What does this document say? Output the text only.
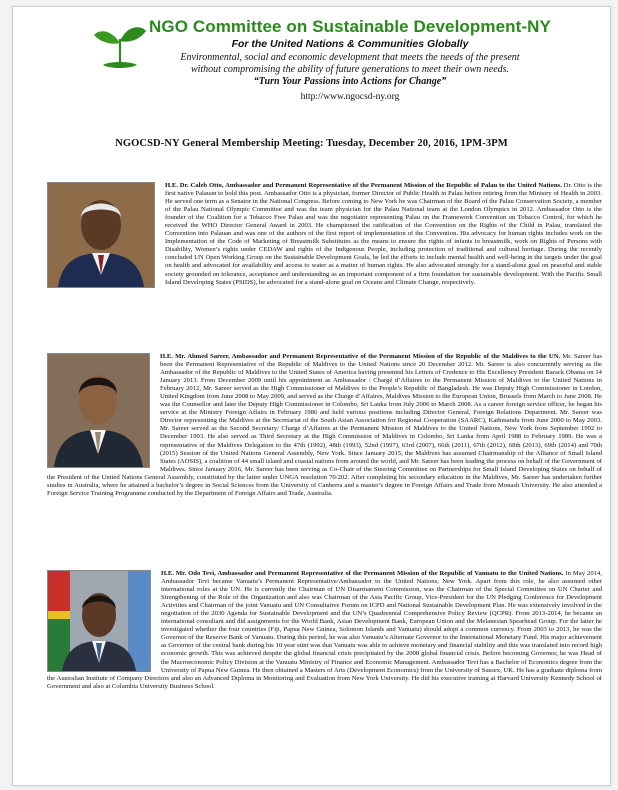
NGO Committee on Sustainable Development-NY
For the United Nations & Communities Globally
Environmental, social and economic development that meets the needs of the present
without compromising the ability of future generations to meet their own needs.
“Turn Your Passions into Actions for Change”
http://www.ngocsd-ny.org
NGOCSD-NY General Membership Meeting: Tuesday, December 20, 2016, 1PM-3PM

H.E. Dr. Caleb Otto, Ambassador and Permanent Representative of the Permanent Mission of the Republic of Palau to the United Nations. Dr. Otto is the first native Palauan to hold this post. Ambassador Otto is a physician, former Director of Public Health in Palau before retiring from the Ministry of Health in 2003. He served one term as a Senator in the National Congress. Before coming to New York he was Chairman of the Board of the Palau Conservation Society, a member of the Palau National Olympic Committee and was the team physician for the Palau National team at the London Olympics in 2012. Ambassador Otto is the founder of the Coalition for a Tobacco Free Palau and was the negotiator representing Palau on the Framework Convention on Tobacco Control, for which he received the WHO Director General Award in 2003. He championed the ratification of the Convention on the Rights of the Child in Palau, translated the Convention into Palauan and was one of the authors of the first report of implementation of the Convention. His advocacy for human rights includes work on the Implementation of the Code of Marketing of Breastmilk Substitutes as the means to ensure the rights of infants to breastmilk, work on Rights of Persons with Disability, Women’s rights under CEDAW and rights of the Indigenous People, including protection of traditional and cultural heritage. During the recently concluded UN Open Working Group on the Sustainable Development Goals, he led the efforts to include mental health and well-being in the targets under the goal on health and advocated for availability and access to water as a matter of human rights. He also advocated strongly for a stand-alone goal on peaceful and stable society grounded on tolerance, acceptance and understanding as an important component of a firm foundation for sustainable development. With the Pacific Small Island Developing States (PSIDS), he advocated for a stand-alone goal on Oceans and Climate Change, respectively.

H.E. Mr. Ahmed Sareer, Ambassador and Permanent Representative of the Permanent Mission of the Republic of the Maldives to the UN. Mr. Sareer has been the Permanent Representative of the Republic of Maldives to the United Nations since 20 December 2012. Mr. Sareer is also concurrently serving as the Ambassador of the Republic of Maldives to the United States of America having presented his Letters of Credence to His Excellency President Barack Obama on 14 January 2013. From December 2009 until his appointment as Ambassador / Chargé d’Affaires to the Permanent Mission of Maldives to the United Nations in February 2012, Mr. Sareer served as the High Commissioner of Maldives to the People’s Republic of Bangladesh. He was Deputy High Commissioner in London, United Kingdom from June 2008 to May 2009, and served as the Charge d’Affaires, Maldives Mission to the European Union, Brussels from March to June 2008. He was the Counsellor and later the Deputy High Commissioner in Colombo, Sri Lanka from July 2006 to March 2008. As a career foreign service officer, he began his service at the Ministry Foreign Affairs in February 1986 and held various positions including Director General, Foreign Relations Department. Mr. Sareer was Director representing the Maldives at the Secretariat of the South Asian Association for Regional Cooperation (SAARC), Kathmandu from June 2000 to May 2003. Mr. Sareer served as the Second Secretary/ Charge d’Affaires at the Permanent Mission of Maldives to the United Nations, New York from September 1992 to December 1993. He also served as Third Secretary at the High Commission of Maldives in Colombo, Sri Lanka from April 1988 to February 1989. He was a representative of the Maldives Delegation to the 47th (1992), 48th (1993), 52nd (1997), 63rd (2007), 66th (2011), 67th (2012), 68th (2013), 69th (2014) and 70th (2015) Session of the United Nations General Assembly, New York. Since January 2015, the Maldives has assumed Chairmanship of the Alliance of Small Island States (AOSIS), a coalition of 44 small island and coastal nations from around the world, and Mr. Sareer has been leading the process on behalf of the Government of Maldives. Since January 2016, Mr. Sareer has been serving as Co-Chair of the Steering Committee on Partnerships for Small Island Developing States on behalf of the President of the United Nations General Assembly, constituted by the latter under UNGA resolution 70/202. After completing his secondary education in the Maldives, Mr. Sareer has undertaken further studies in Australia, where he attained a bachelor’s degree in Social Sciences from the University of Canberra and a master’s degree in Foreign Affairs and Trade from Monash University. He also attended a Foreign Service Training Programme conducted by the Department of Foreign Affairs and Trade, Australia.

H.E. Mr. Odo Tevi, Ambassador and Permanent Representative of the Permanent Mission of the Republic of Vanuatu to the United Nations. In May 2014, Ambassador Tevi became Vanuatu’s Permanent Representative/Ambassador to the United Nations, New York. Apart from this role, he also assumed other international roles at the UN. He is currently the Chairman of UN Disarmament Commission, was the Chairman of the Special Committee on UN Charter and Strengthening of the Role of the Organization and also was Chairman of the Asia Pacific Group, Vice-President for the UN Pledging Conference for Development Activities and Chairman of the joint Vanuatu and UN Consultative Forum on ICPD and National Sustainable Development Plan. He was extensively involved in the negotiation of the 2030 Agenda for Sustainable Development and the UN’s Quadrennial Comprehensive Policy Review (QCPR). From 2013-2014, he became an international consultant and did assignments for the World Bank, Asian Development Bank, European Union and the Melanesian Spearhead Group. For the latter he investigated whether the four countries (Fiji, Papua New Guinea, Solomon Islands and Vanuatu) should adopt a common currency. From 2003 to 2013, he was the Governor of the Reserve Bank of Vanuatu. During this period, he was also Vanuatu’s Alternate Governor to the International Monetary Fund. His major achievement as Governor of the central bank during his 10 year stint was that Vanuatu was able to achieve monetary and financial stability and this was translated into record high economic growth. This was achieved despite the global financial crisis precipitated by the 2008 global financial crisis. Before becoming Governor, he was Head of the Macroeconomic Policy Division at the Vanuatu Ministry of Finance and Economic Management. Ambassador Tevi has a Bachelor of Economics degree from the University of Papua New Guinea. He then obtained a Masters of Arts (Development Economics) from the University of Sussex, UK. He has a graduate diploma from the Australian Institute of Company Directors and also an Advanced Diploma in Monitoring and Evaluation from New York University. He did his executive training at Harvard University Kennedy School of Government and also at Columbia University Business School.
